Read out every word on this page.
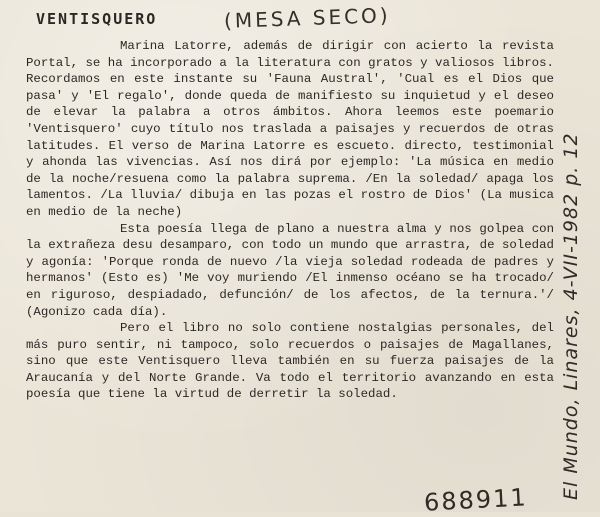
VENTISQUERO	(MESA SECO)

Marina Latorre, además de dirigir con acierto la revista Portal, se ha incorporado a la literatura con gratos y valiosos libros. Recordamos en este instante su 'Fauna Austral', 'Cual es el Dios que pasa' y 'El regalo', donde queda de manifiesto su inquietud y el deseo de elevar la palabra a otros ámbitos. Ahora leemos este poemario 'Ventisquero' cuyo título nos traslada a paisajes y recuerdos de otras latitudes. El verso de Marina Latorre es escueto. directo, testimonial y ahonda las vivencias. Así nos dirá por ejemplo: 'La música en medio de la noche/resuena como la palabra suprema. /En la soledad/ apaga los lamentos. /La lluvia/ dibuja en las pozas el rostro de Dios' (La musica en medio de la neche)

Esta poesía llega de plano a nuestra alma y nos golpea con la extrañeza desu desamparo, con todo un mundo que arrastra, de soledad y agonía: 'Porque ronda de nuevo /la vieja soledad rodeada de padres y hermanos' (Esto es) 'Me voy muriendo /El inmenso océano se ha trocado/ en riguroso, despiadado, defunción/ de los afectos, de la ternura.'/ (Agonizo cada día).

Pero el libro no solo contiene nostalgias personales, del más puro sentir, ni tampoco, solo recuerdos o paisajes de Magallanes, sino que este Ventisquero lleva también en su fuerza paisajes de la Araucanía y del Norte Grande. Va todo el territorio avanzando en esta poesía que tiene la virtud de derretir la soledad.	El Mundo, Linares, 4-VII-1982 p. 12
688911
